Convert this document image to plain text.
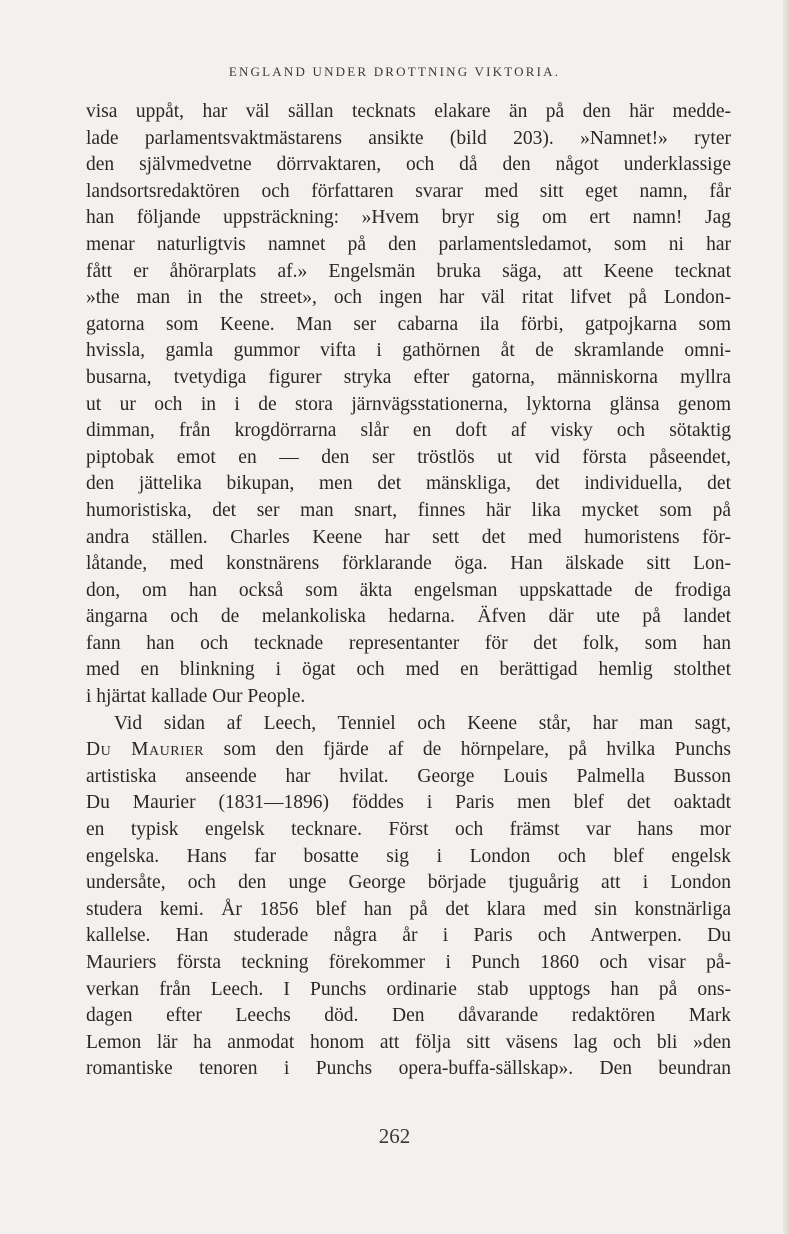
ENGLAND UNDER DROTTNING VIKTORIA.
visa uppåt, har väl sällan tecknats elakare än på den här medde-
lade parlamentsvaktmästarens ansikte (bild 203). »Namnet!» ryter
den självmedvetne dörrvaktaren, och då den något underklassige
landsortsredaktören och författaren svarar med sitt eget namn, får
han följande uppsträckning: »Hvem bryr sig om ert namn! Jag
menar naturligtvis namnet på den parlamentsledamot, som ni har
fått er åhörarplats af.» Engelsmän bruka säga, att Keene tecknat
»the man in the street», och ingen har väl ritat lifvet på London-
gatorna som Keene. Man ser cabarna ila förbi, gatpojkarna som
hvissla, gamla gummor vifta i gathörnen åt de skramlande omni-
busarna, tvetydiga figurer stryka efter gatorna, människorna myllra
ut ur och in i de stora järnvägsstationerna, lyktorna glänsa genom
dimman, från krogdörrarna slår en doft af visky och sötaktig
piptobak emot en — den ser tröstlös ut vid första påseendet,
den jättelika bikupan, men det mänskliga, det individuella, det
humoristiska, det ser man snart, finnes här lika mycket som på
andra ställen. Charles Keene har sett det med humoristens för-
låtande, med konstnärens förklarande öga. Han älskade sitt Lon-
don, om han också som äkta engelsman uppskattade de frodiga
ängarna och de melankoliska hedarna. Äfven där ute på landet
fann han och tecknade representanter för det folk, som han
med en blinkning i ögat och med en berättigad hemlig stolthet
i hjärtat kallade Our People.
Vid sidan af Leech, Tenniel och Keene står, har man sagt,
Du Maurier som den fjärde af de hörnpelare, på hvilka Punchs
artistiska anseende har hvilat. George Louis Palmella Busson
Du Maurier (1831—1896) föddes i Paris men blef det oaktadt
en typisk engelsk tecknare. Först och främst var hans mor
engelska. Hans far bosatte sig i London och blef engelsk
undersåte, och den unge George började tjuguårig att i London
studera kemi. År 1856 blef han på det klara med sin konstnärliga
kallelse. Han studerade några år i Paris och Antwerpen. Du
Mauriers första teckning förekommer i Punch 1860 och visar på-
verkan från Leech. I Punchs ordinarie stab upptogs han på ons-
dagen efter Leechs död. Den dåvarande redaktören Mark
Lemon lär ha anmodat honom att följa sitt väsens lag och bli »den
romantiske tenoren i Punchs opera-buffa-sällskap». Den beundran
262
